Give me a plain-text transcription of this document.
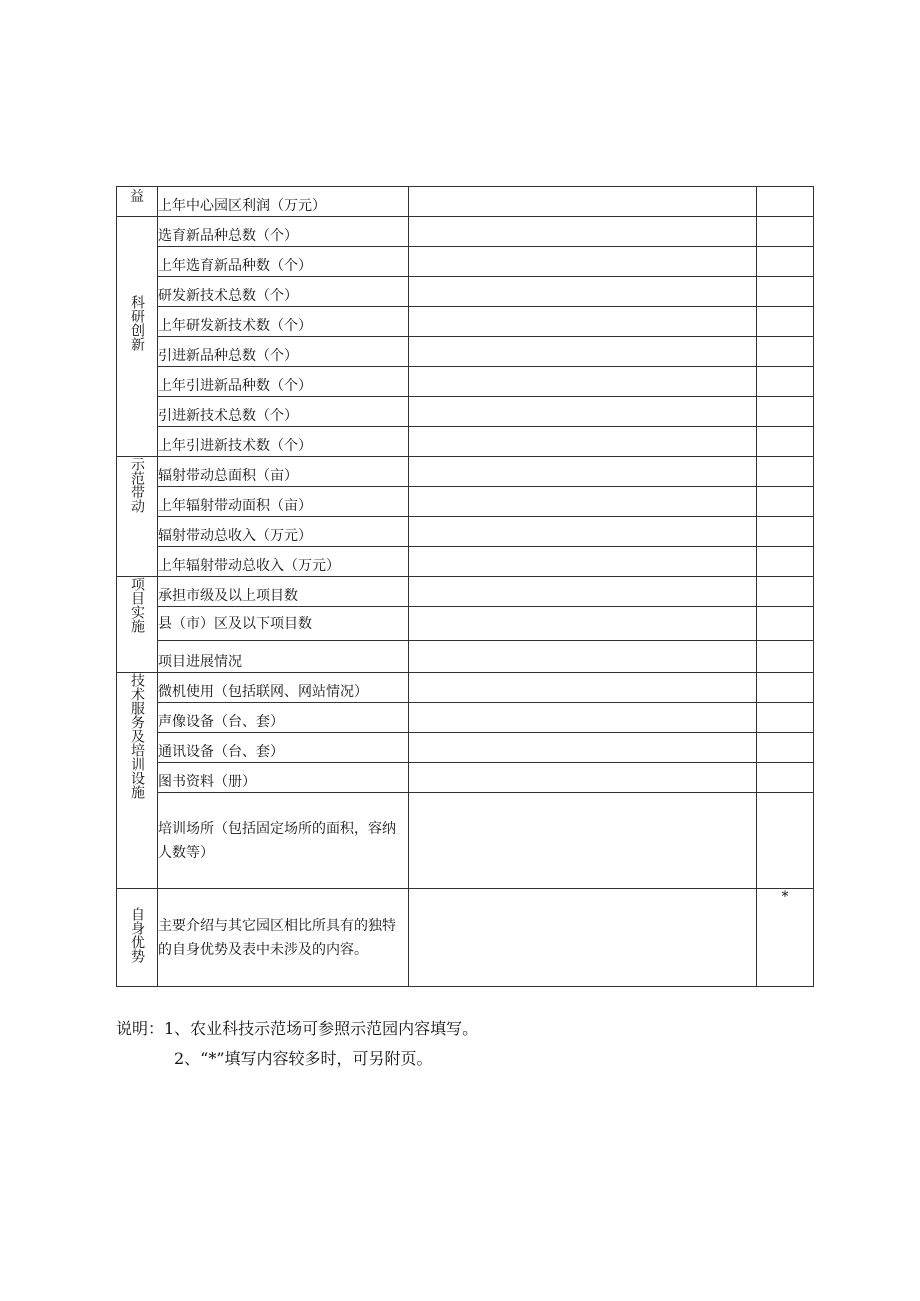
益	上年中心园区利润（万元）		
科研创新	选育新品种总数（个）		
	上年选育新品种数（个）		
	研发新技术总数（个）		
	上年研发新技术数（个）		
	引进新品种总数（个）		
	上年引进新品种数（个）		
	引进新技术总数（个）		
	上年引进新技术数（个）		
示范带动	辐射带动总面积（亩）		
	上年辐射带动面积（亩）		
	辐射带动总收入（万元）		
	上年辐射带动总收入（万元）		
项目实施	承担市级及以上项目数		
	县（市）区及以下项目数		
	项目进展情况		
技术服务及培训设施	微机使用（包括联网、网站情况）		
	声像设备（台、套）		
	通讯设备（台、套）		
	图书资料（册）		
	培训场所（包括固定场所的面积，容纳人数等）		
自身优势	主要介绍与其它园区相比所具有的独特的自身优势及表中未涉及的内容。		*
说明：1、农业科技示范场可参照示范园内容填写。
2、“*”填写内容较多时，可另附页。
